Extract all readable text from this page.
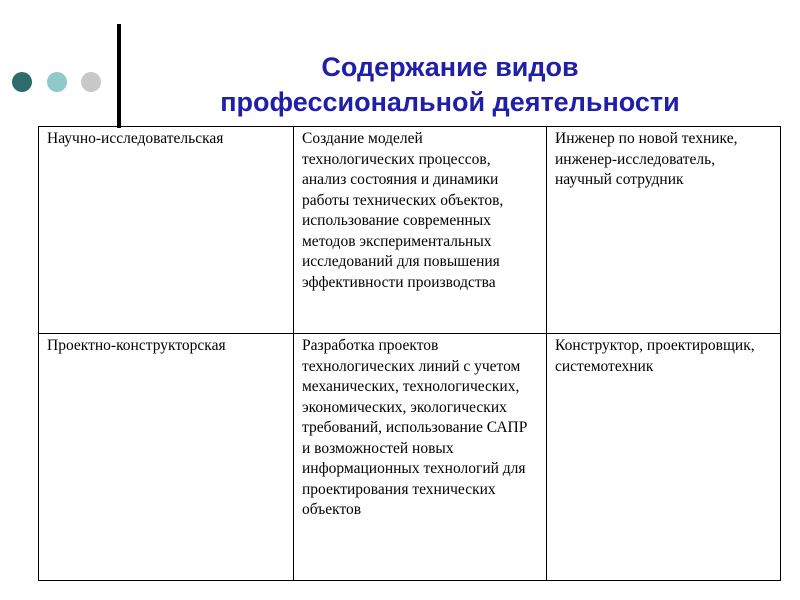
Содержание видов
профессиональной деятельности
Научно-исследовательская	Создание моделей технологических процессов, анализ состояния и динамики работы технических объектов, использование современных методов экспериментальных исследований для повышения эффективности производства	Инженер по новой технике, инженер-исследователь, научный сотрудник
Проектно-конструкторская	Разработка проектов технологических линий с учетом механических, технологических, экономических, экологических требований, использование САПР и возможностей новых информационных технологий для проектирования технических объектов	Конструктор, проектировщик, системотехник
